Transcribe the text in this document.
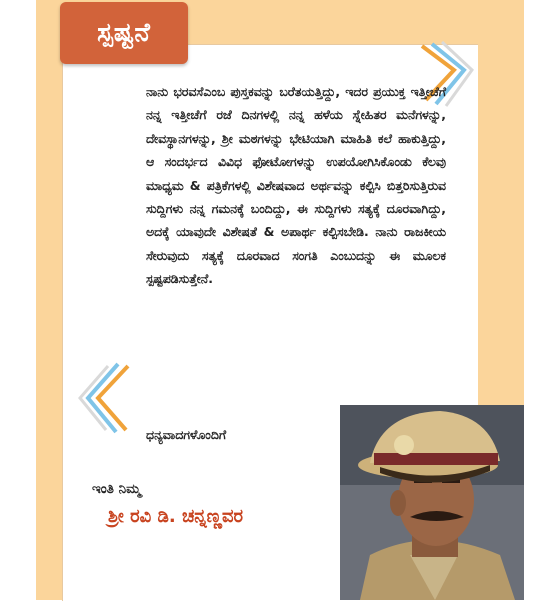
ಸ್ಪಷ್ಟನೆ
ನಾನು ಭರವಸೆಎಂಬ ಪುಸ್ತಕವನ್ನು ಬರೆತಯತ್ತಿದ್ದು, ಇದರ ಪ್ರಯುಕ್ತ ಇತ್ತೀಚೆಗೆ ನನ್ನ ಇತ್ತೀಚೆಗೆ ರಜೆ ದಿನಗಳಲ್ಲಿ ನನ್ನ ಹಳೆಯ ಸ್ನೇಹಿತರ ಮನೆಗಳನ್ನು, ದೇವಸ್ಥಾನಗಳನ್ನು, ಶ್ರೀ ಮಠಗಳನ್ನು ಭೇಟಿಯಾಗಿ ಮಾಹಿತಿ ಕಲೆ ಹಾಕುತ್ತಿದ್ದು, ಆ ಸಂದರ್ಭದ ವಿವಿಧ ಫೋಟೋಗಳನ್ನು ಉಪಯೋಗಿಸಿಕೊಂಡು ಕೆಲವು ಮಾಧ್ಯಮ & ಪತ್ರಿಕೆಗಳಲ್ಲಿ ವಿಶೇಷವಾದ ಅರ್ಥವನ್ನು ಕಲ್ಪಿಸಿ ಬಿತ್ತರಿಸುತ್ತಿರುವ ಸುದ್ದಿಗಳು ನನ್ನ ಗಮನಕ್ಕೆ ಬಂದಿದ್ದು, ಈ ಸುದ್ದಿಗಳು ಸತ್ಯಕ್ಕೆ ದೂರವಾಗಿದ್ದು, ಅದಕ್ಕೆ ಯಾವುದೇ ವಿಶೇಷತೆ & ಅಪಾರ್ಥ ಕಲ್ಪಿಸಬೇಡಿ. ನಾನು ರಾಜಕೀಯ ಸೇರುವುದು ಸತ್ಯಕ್ಕೆ ದೂರವಾದ ಸಂಗತಿ ಎಂಬುದನ್ನು ಈ ಮೂಲಕ ಸ್ಪಷ್ಟಪಡಿಸುತ್ತೇನೆ.
ಧನ್ಯವಾದಗಳೊಂದಿಗೆ
ಇಂತಿ ನಿಮ್ಮ
ಶ್ರೀ ರವಿ ಡಿ. ಚನ್ನಣ್ಣವರ
